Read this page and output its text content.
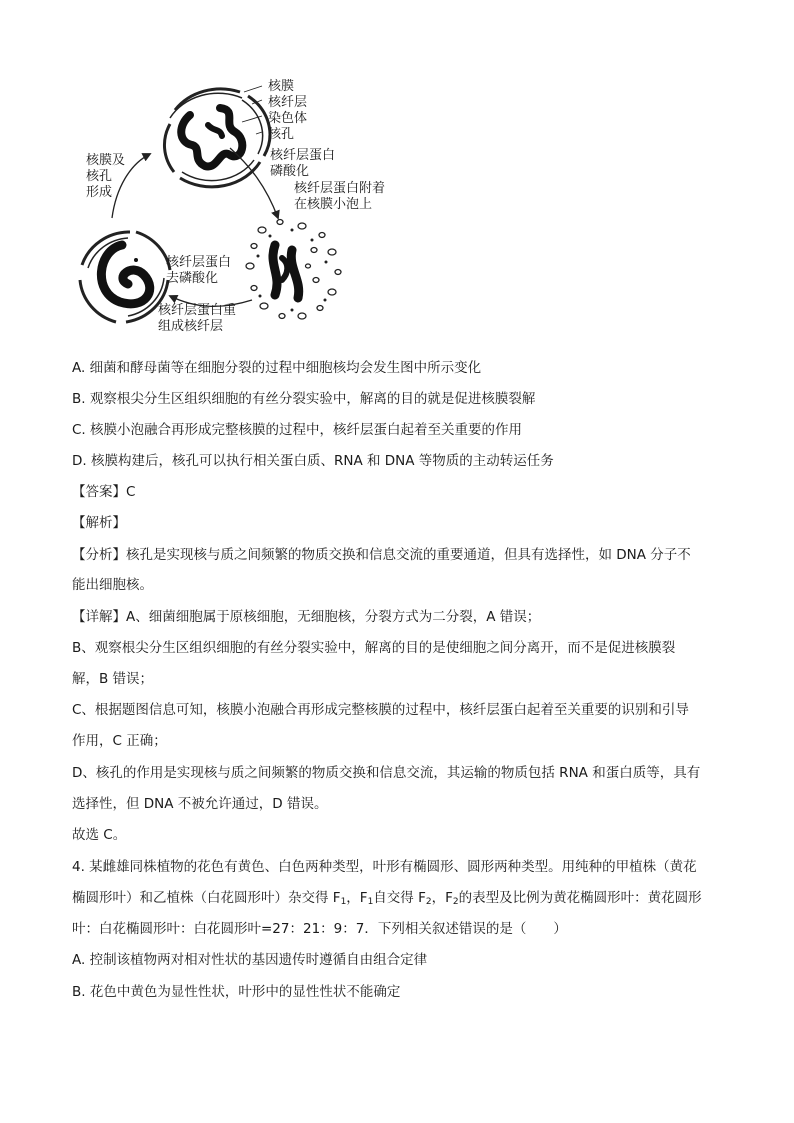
核膜
核纤层
染色体
核孔
核纤层蛋白
磷酸化
核纤层蛋白附着
在核膜小泡上
核纤层蛋白
去磷酸化
核纤层蛋白重
组成核纤层
核膜及
核孔
形成
A. 细菌和酵母菌等在细胞分裂的过程中细胞核均会发生图中所示变化
B. 观察根尖分生区组织细胞的有丝分裂实验中，解离的目的就是促进核膜裂解
C. 核膜小泡融合再形成完整核膜的过程中，核纤层蛋白起着至关重要的作用
D. 核膜构建后，核孔可以执行相关蛋白质、RNA 和 DNA 等物质的主动转运任务
【答案】C
【解析】
【分析】核孔是实现核与质之间频繁的物质交换和信息交流的重要通道，但具有选择性，如 DNA 分子不
能出细胞核。
【详解】A、细菌细胞属于原核细胞，无细胞核，分裂方式为二分裂，A 错误；
B、观察根尖分生区组织细胞的有丝分裂实验中，解离的目的是使细胞之间分离开，而不是促进核膜裂
解，B 错误；
C、根据题图信息可知，核膜小泡融合再形成完整核膜的过程中，核纤层蛋白起着至关重要的识别和引导
作用，C 正确；
D、核孔的作用是实现核与质之间频繁的物质交换和信息交流，其运输的物质包括 RNA 和蛋白质等，具有
选择性，但 DNA 不被允许通过，D 错误。
故选 C。
4. 某雌雄同株植物的花色有黄色、白色两种类型，叶形有椭圆形、圆形两种类型。用纯种的甲植株（黄花
椭圆形叶）和乙植株（白花圆形叶）杂交得 $F_1$，$F_1$自交得 $F_2$，$F_2$的表型及比例为黄花椭圆形叶：黄花圆形
叶：白花椭圆形叶：白花圆形叶=27：21：9：7．下列相关叙述错误的是（　　）
A. 控制该植物两对相对性状的基因遗传时遵循自由组合定律
B. 花色中黄色为显性性状，叶形中的显性性状不能确定
